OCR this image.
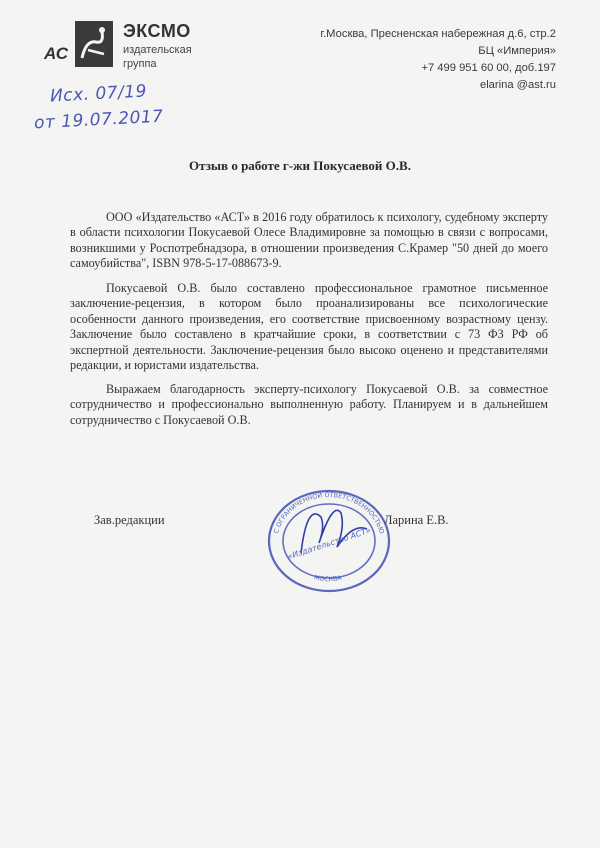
AC
ЭКСМО
издательская
группа
г.Москва, Пресненская набережная д.6, стр.2
БЦ «Империя»
+7 499 951 60 00, доб.197
elarina @ast.ru
Исх. 07/19
от 19.07.2017
Отзыв о работе г-жи Покусаевой О.В.
ООО «Издательство «АСТ» в 2016 году обратилось к психологу, судебному эксперту в области психологии Покусаевой Олесе Владимировне за помощью в связи с вопросами, возникшими у Роспотребнадзора, в отношении произведения С.Крамер "50 дней до моего самоубийства", ISBN 978-5-17-088673-9.
Покусаевой О.В. было составлено профессиональное грамотное письменное заключение-рецензия, в котором было проанализированы все психологические особенности данного произведения, его соответствие присвоенному возрастному цензу. Заключение было составлено в кратчайшие сроки, в соответствии с 73 ФЗ РФ об экспертной деятельности. Заключение-рецензия было высоко оценено и представителями редакции, и юристами издательства.
Выражаем благодарность эксперту-психологу Покусаевой О.В. за совместное сотрудничество и профессионально выполненную работу. Планируем и в дальнейшем сотрудничество с Покусаевой О.В.
Зав.редакции	Ларина Е.В.
С ОГРАНИЧЕННОЙ ОТВЕТСТВЕННОСТЬЮ
МОСКВА
«Издательство АСТ»
